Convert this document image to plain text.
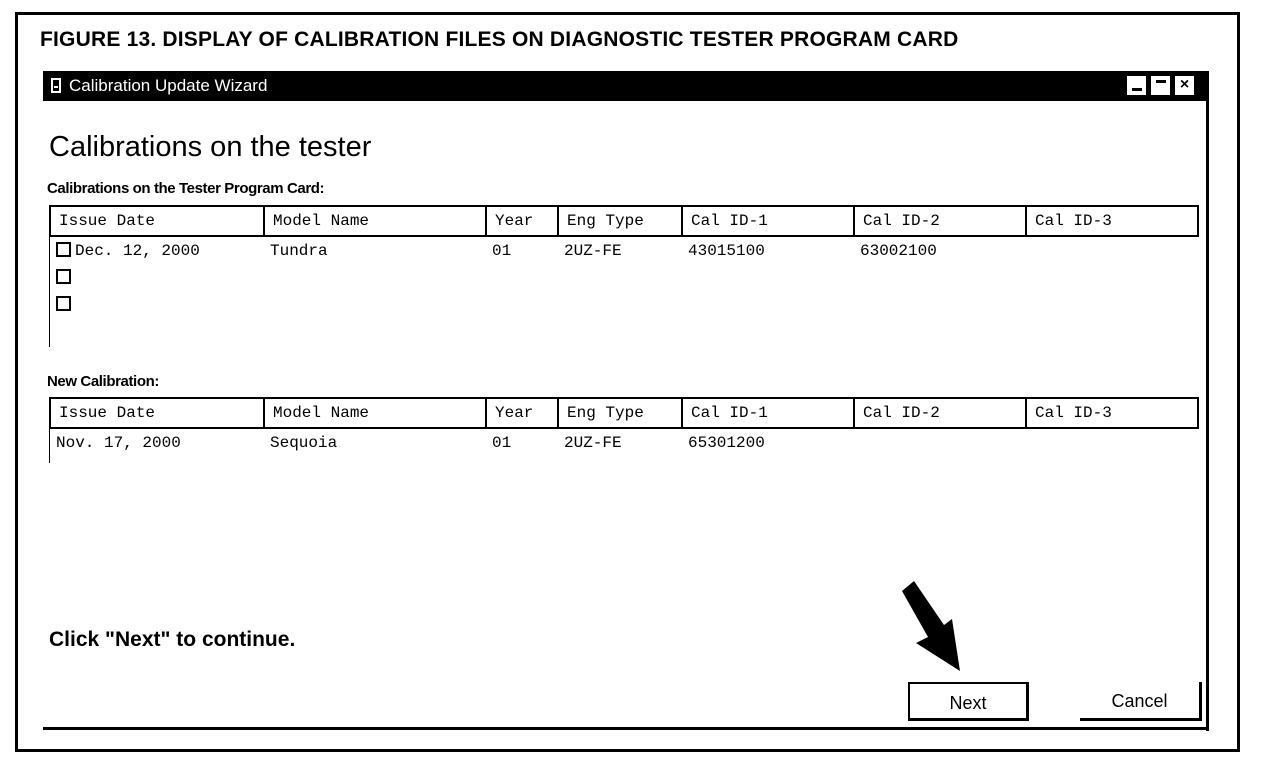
FIGURE 13. DISPLAY OF CALIBRATION FILES ON DIAGNOSTIC TESTER PROGRAM CARD
Calibration Update Wizard	×
Calibrations on the tester
Calibrations on the Tester Program Card:
Issue Date	Model Name	Year	Eng Type	Cal ID-1	Cal ID-2	Cal ID-3
Dec. 12, 2000	Tundra	01	2UZ-FE	43015100	63002100	

New Calibration:
Issue Date	Model Name	Year	Eng Type	Cal ID-1	Cal ID-2	Cal ID-3
Nov. 17, 2000	Sequoia	01	2UZ-FE	65301200		
Click "Next" to continue.
Next	Cancel
